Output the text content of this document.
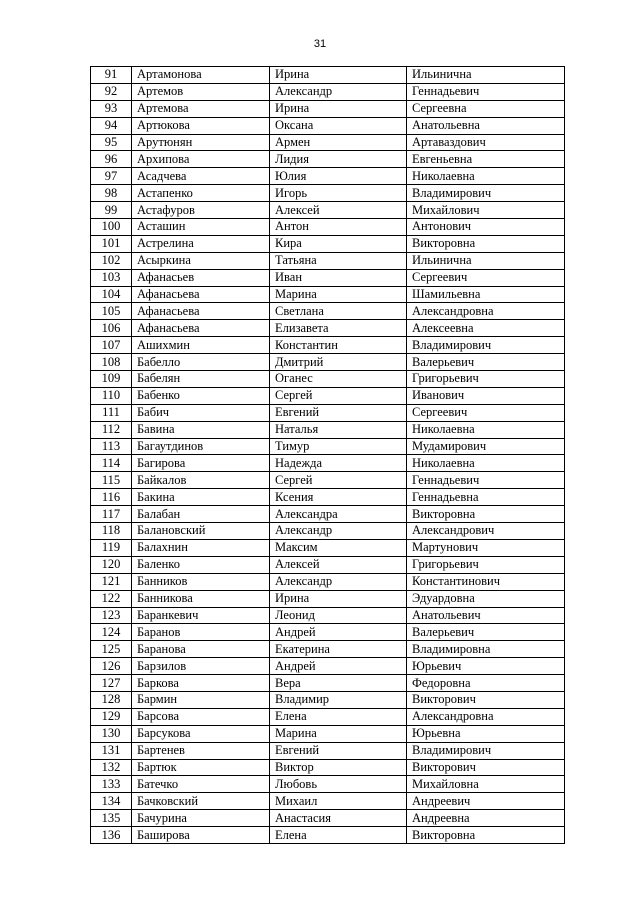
31
91	Артамонова	Ирина	Ильинична
92	Артемов	Александр	Геннадьевич
93	Артемова	Ирина	Сергеевна
94	Артюкова	Оксана	Анатольевна
95	Арутюнян	Армен	Артаваздович
96	Архипова	Лидия	Евгеньевна
97	Асадчева	Юлия	Николаевна
98	Астапенко	Игорь	Владимирович
99	Астафуров	Алексей	Михайлович
100	Асташин	Антон	Антонович
101	Астрелина	Кира	Викторовна
102	Асыркина	Татьяна	Ильинична
103	Афанасьев	Иван	Сергеевич
104	Афанасьева	Марина	Шамильевна
105	Афанасьева	Светлана	Александровна
106	Афанасьева	Елизавета	Алексеевна
107	Ашихмин	Константин	Владимирович
108	Бабелло	Дмитрий	Валерьевич
109	Бабелян	Оганес	Григорьевич
110	Бабенко	Сергей	Иванович
111	Бабич	Евгений	Сергеевич
112	Бавина	Наталья	Николаевна
113	Багаутдинов	Тимур	Мудамирович
114	Багирова	Надежда	Николаевна
115	Байкалов	Сергей	Геннадьевич
116	Бакина	Ксения	Геннадьевна
117	Балабан	Александра	Викторовна
118	Балановский	Александр	Александрович
119	Балахнин	Максим	Мартунович
120	Баленко	Алексей	Григорьевич
121	Банников	Александр	Константинович
122	Банникова	Ирина	Эдуардовна
123	Баранкевич	Леонид	Анатольевич
124	Баранов	Андрей	Валерьевич
125	Баранова	Екатерина	Владимировна
126	Барзилов	Андрей	Юрьевич
127	Баркова	Вера	Федоровна
128	Бармин	Владимир	Викторович
129	Барсова	Елена	Александровна
130	Барсукова	Марина	Юрьевна
131	Бартенев	Евгений	Владимирович
132	Бартюк	Виктор	Викторович
133	Батечко	Любовь	Михайловна
134	Бачковский	Михаил	Андреевич
135	Бачурина	Анастасия	Андреевна
136	Баширова	Елена	Викторовна
